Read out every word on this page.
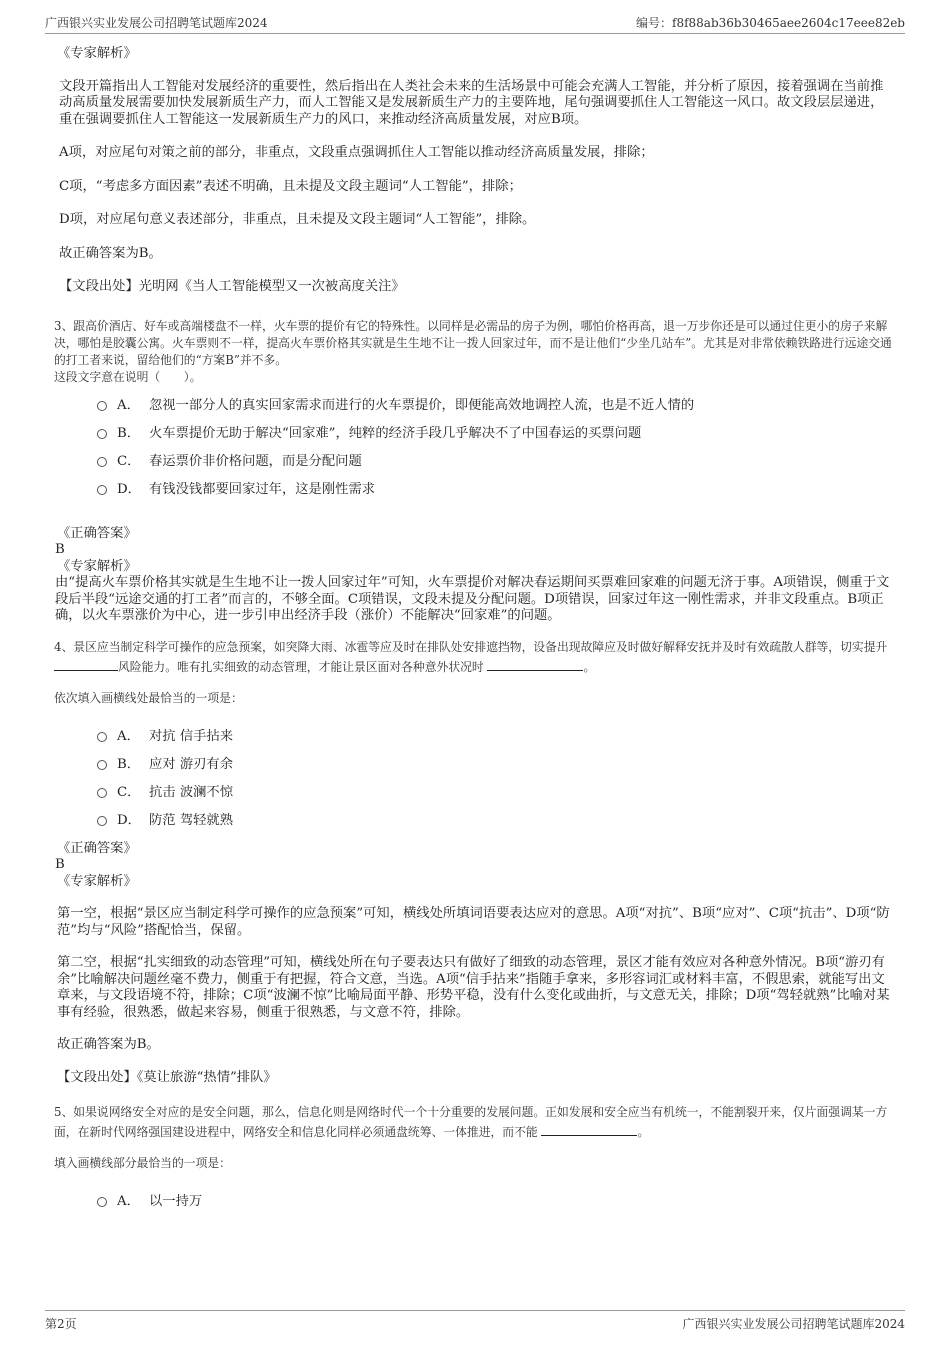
广西银兴实业发展公司招聘笔试题库2024	编号：f8f88ab36b30465aee2604c17eee82eb

《专家解析》

文段开篇指出人工智能对发展经济的重要性，然后指出在人类社会未来的生活场景中可能会充满人工智能，并分析了原因，接着强调在当前推动高质量发展需要加快发展新质生产力，而人工智能又是发展新质生产力的主要阵地，尾句强调要抓住人工智能这一风口。故文段层层递进，重在强调要抓住人工智能这一发展新质生产力的风口，来推动经济高质量发展，对应B项。

A项，对应尾句对策之前的部分，非重点，文段重点强调抓住人工智能以推动经济高质量发展，排除；

C项，“考虑多方面因素”表述不明确，且未提及文段主题词“人工智能”，排除；

D项，对应尾句意义表述部分，非重点，且未提及文段主题词“人工智能”，排除。

故正确答案为B。

【文段出处】光明网《当人工智能模型又一次被高度关注》

3、跟高价酒店、好车或高端楼盘不一样，火车票的提价有它的特殊性。以同样是必需品的房子为例，哪怕价格再高，退一万步你还是可以通过住更小的房子来解决，哪怕是胶囊公寓。火车票则不一样，提高火车票价格其实就是生生地不让一拨人回家过年，而不是让他们“少坐几站车”。尤其是对非常依赖铁路进行远途交通的打工者来说，留给他们的“方案B”并不多。

这段文字意在说明（　　）。

A． 忽视一部分人的真实回家需求而进行的火车票提价，即便能高效地调控人流，也是不近人情的
B． 火车票提价无助于解决“回家难”，纯粹的经济手段几乎解决不了中国春运的买票问题
C． 春运票价非价格问题，而是分配问题
D． 有钱没钱都要回家过年，这是刚性需求

《正确答案》

B

《专家解析》

由“提高火车票价格其实就是生生地不让一拨人回家过年”可知，火车票提价对解决春运期间买票难回家难的问题无济于事。A项错误，侧重于文段后半段“远途交通的打工者”而言的，不够全面。C项错误，文段未提及分配问题。D项错误，回家过年这一刚性需求，并非文段重点。B项正确，以火车票涨价为中心，进一步引申出经济手段（涨价）不能解决“回家难”的问题。

4、景区应当制定科学可操作的应急预案，如突降大雨、冰雹等应及时在排队处安排遮挡物，设备出现故障应及时做好解释安抚并及时有效疏散人群等，切实提升 风险能力。唯有扎实细致的动态管理，才能让景区面对各种意外状况时	。

依次填入画横线处最恰当的一项是：

A． 对抗 信手拈来
B． 应对 游刃有余
C． 抗击 波澜不惊
D． 防范 驾轻就熟

《正确答案》

B

《专家解析》

第一空，根据“景区应当制定科学可操作的应急预案”可知，横线处所填词语要表达应对的意思。A项“对抗”、B项“应对”、C项“抗击”、D项“防范”均与“风险”搭配恰当，保留。

第二空，根据“扎实细致的动态管理”可知，横线处所在句子要表达只有做好了细致的动态管理，景区才能有效应对各种意外情况。B项“游刃有余”比喻解决问题丝毫不费力，侧重于有把握，符合文意，当选。A项“信手拈来”指随手拿来，多形容词汇或材料丰富，不假思索，就能写出文章来，与文段语境不符，排除；C项“波澜不惊”比喻局面平静、形势平稳，没有什么变化或曲折，与文意无关，排除；D项“驾轻就熟”比喻对某事有经验，很熟悉，做起来容易，侧重于很熟悉，与文意不符，排除。

故正确答案为B。

【文段出处】《莫让旅游“热情”排队》

5、如果说网络安全对应的是安全问题，那么，信息化则是网络时代一个十分重要的发展问题。正如发展和安全应当有机统一，不能割裂开来，仅片面强调某一方面，在新时代网络强国建设进程中，网络安全和信息化同样必须通盘统筹、一体推进，而不能	。

填入画横线部分最恰当的一项是：

A． 以一持万
第2页	广西银兴实业发展公司招聘笔试题库2024
